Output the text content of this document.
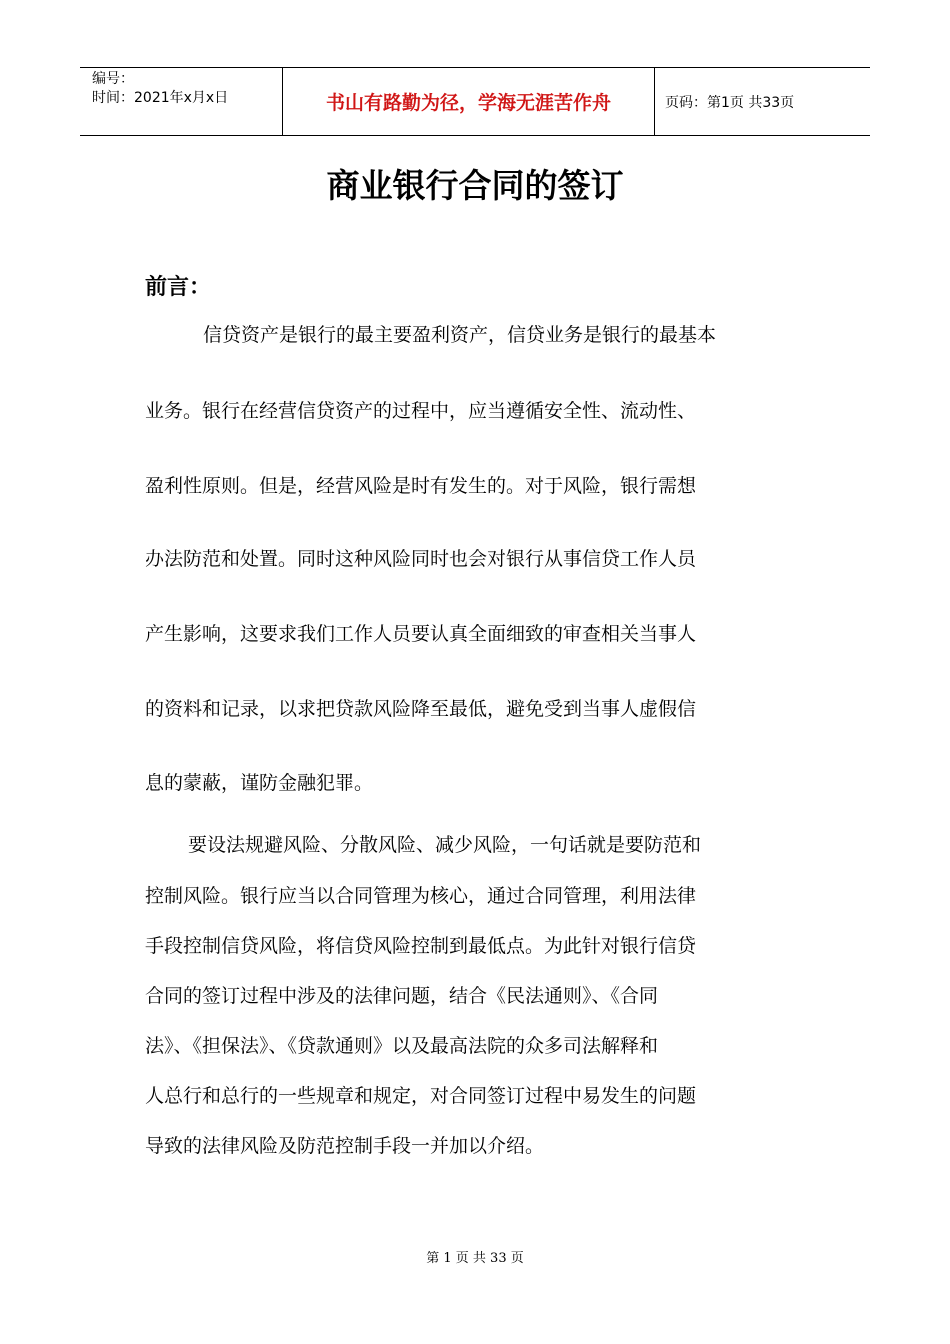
编号：
时间：2021年x月x日	书山有路勤为径，学海无涯苦作舟	页码：第1页 共33页
商业银行合同的签订
前言：
信贷资产是银行的最主要盈利资产，信贷业务是银行的最基本
业务。银行在经营信贷资产的过程中，应当遵循安全性、流动性、
盈利性原则。但是，经营风险是时有发生的。对于风险，银行需想
办法防范和处置。同时这种风险同时也会对银行从事信贷工作人员
产生影响，这要求我们工作人员要认真全面细致的审查相关当事人
的资料和记录，以求把贷款风险降至最低，避免受到当事人虚假信
息的蒙蔽，谨防金融犯罪。
要设法规避风险、分散风险、减少风险，一句话就是要防范和
控制风险。银行应当以合同管理为核心，通过合同管理，利用法律
手段控制信贷风险，将信贷风险控制到最低点。为此针对银行信贷
合同的签订过程中涉及的法律问题，结合《民法通则》、《合同
法》、《担保法》、《贷款通则》以及最高法院的众多司法解释和
人总行和总行的一些规章和规定，对合同签订过程中易发生的问题
导致的法律风险及防范控制手段一并加以介绍。
第 1 页 共 33 页
